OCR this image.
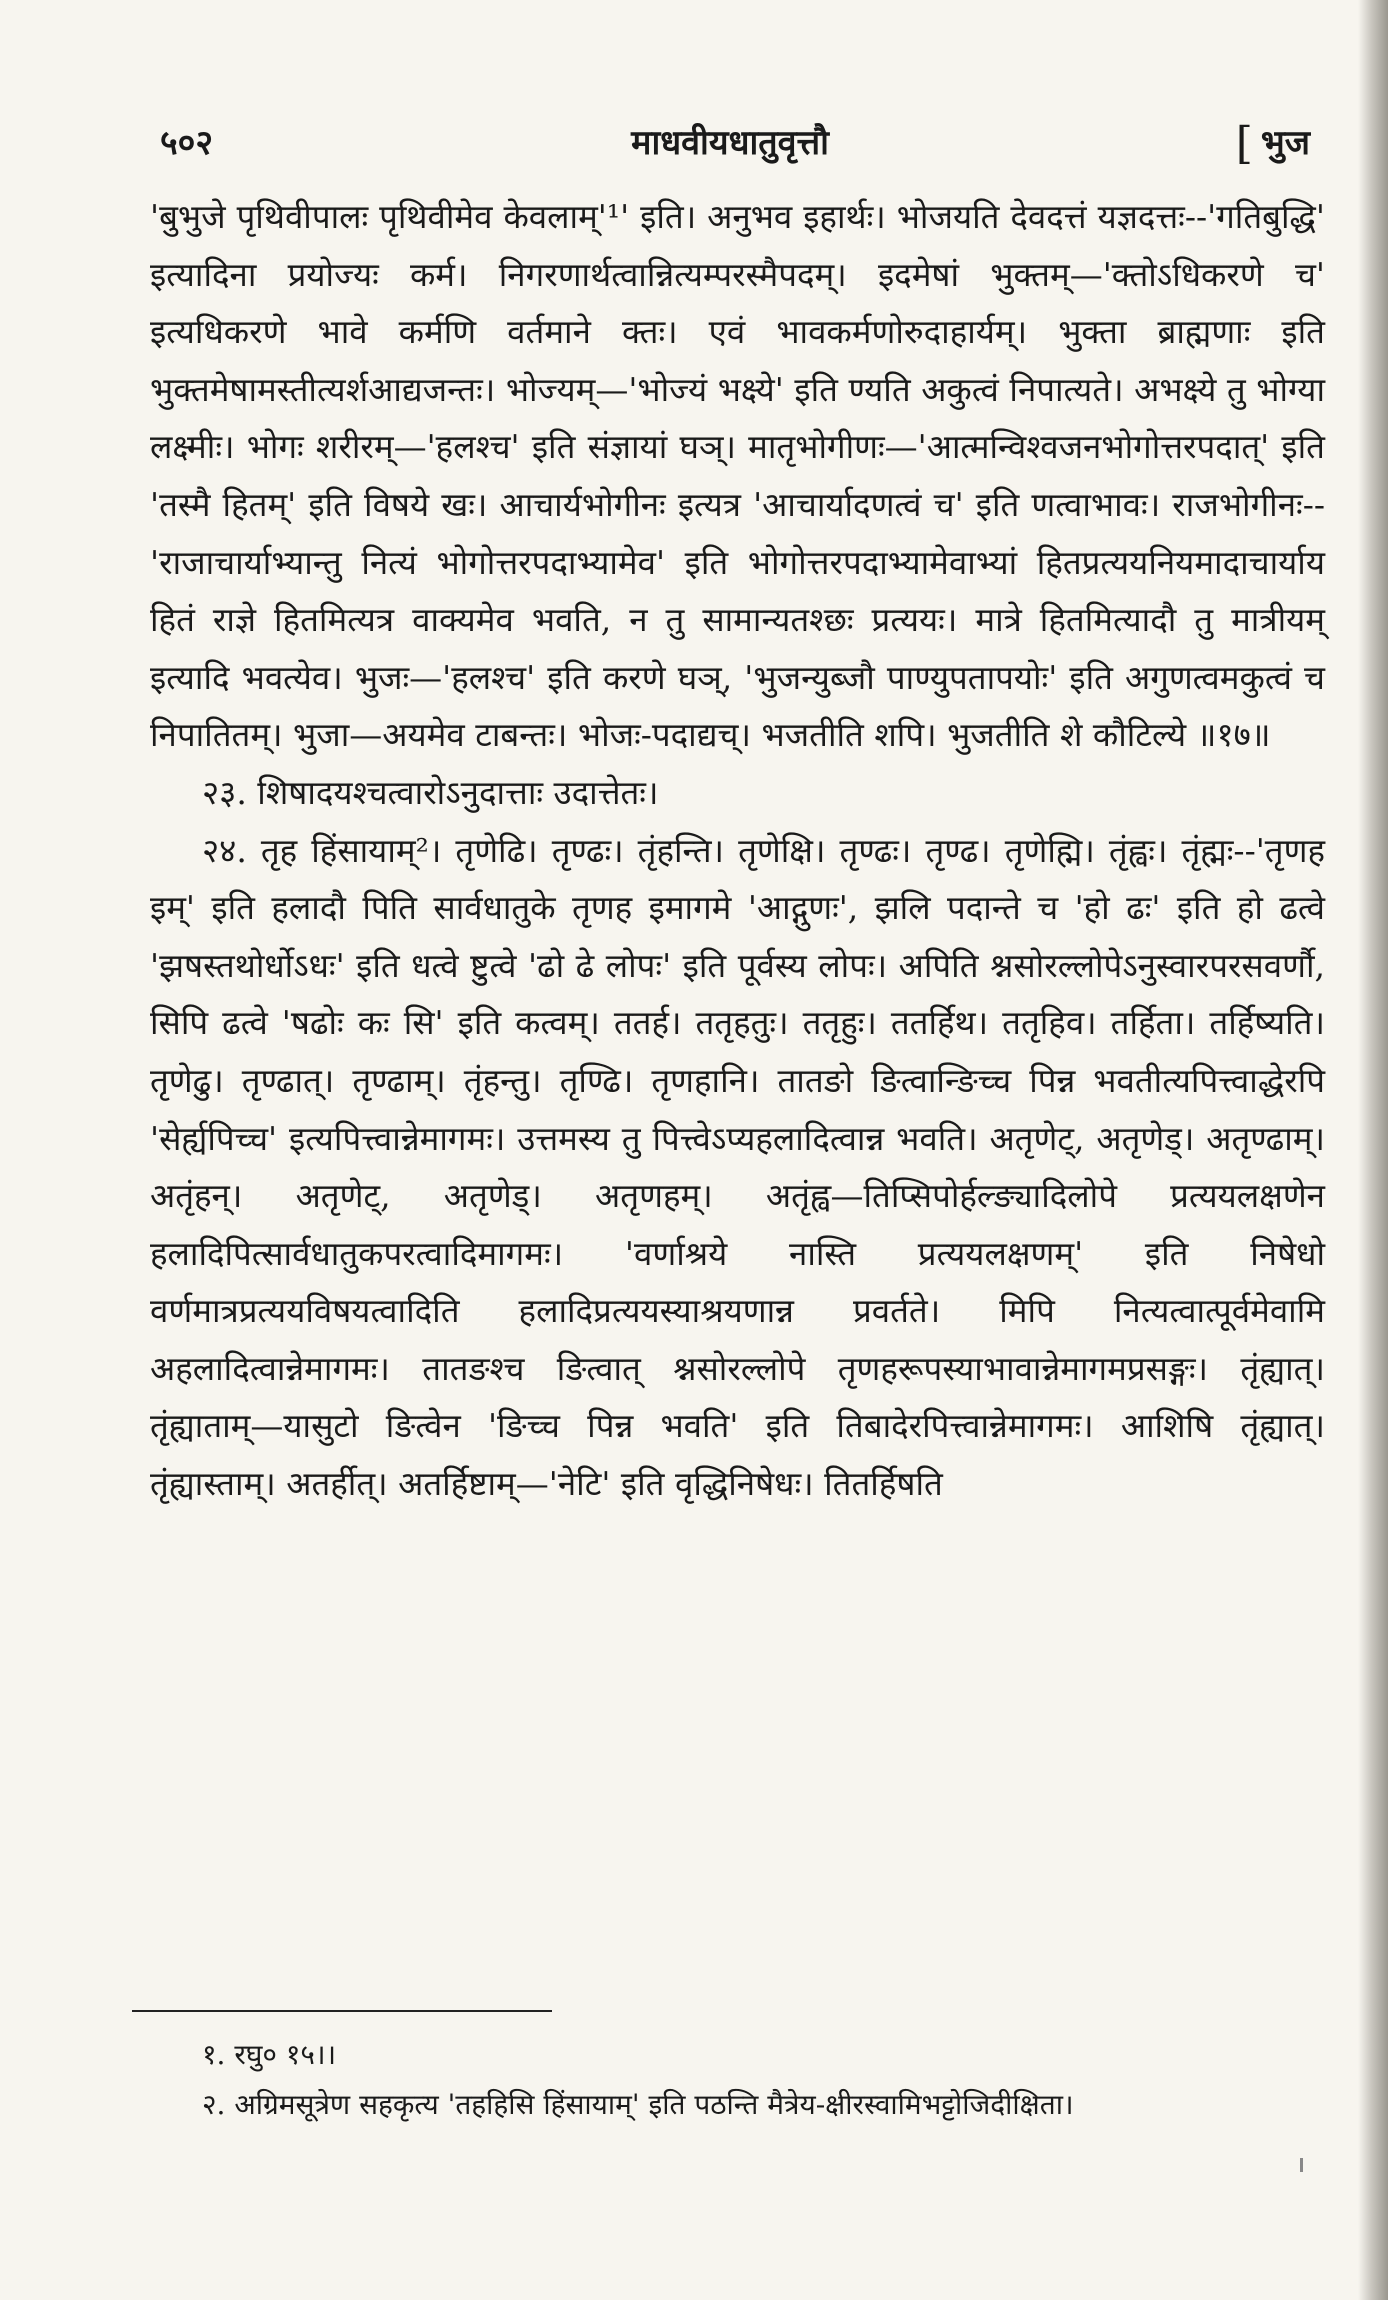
५०२	माधवीयधातुवृत्तौ	[ भुज

'बुभुजे पृथिवीपालः पृथिवीमेव केवलाम्'¹' इति। अनुभव इहार्थः। भोजयति देवदत्तं यज्ञदत्तः--'गतिबुद्धि' इत्यादिना प्रयोज्यः कर्म। निगरणार्थत्वान्नित्यम्परस्मैपदम्। इदमेषां भुक्तम्—'क्तोऽधिकरणे च' इत्यधिकरणे भावे कर्मणि वर्तमाने क्तः। एवं भावकर्मणोरुदाहार्यम्। भुक्ता ब्राह्मणाः इति भुक्तमेषामस्तीत्यर्शआद्यजन्तः। भोज्यम्—'भोज्यं भक्ष्ये' इति ण्यति अकुत्वं निपात्यते। अभक्ष्ये तु भोग्या लक्ष्मीः। भोगः शरीरम्—'हलश्च' इति संज्ञायां घञ्। मातृभोगीणः—'आत्मन्विश्वजनभोगोत्तरपदात्' इति 'तस्मै हितम्' इति विषये खः। आचार्यभोगीनः इत्यत्र 'आचार्यादणत्वं च' इति णत्वाभावः। राजभोगीनः--'राजाचार्याभ्यान्तु नित्यं भोगोत्तरपदाभ्यामेव' इति भोगोत्तरपदाभ्यामेवाभ्यां हितप्रत्ययनियमादाचार्याय हितं राज्ञे हितमित्यत्र वाक्यमेव भवति, न तु सामान्यतश्छः प्रत्ययः। मात्रे हितमित्यादौ तु मात्रीयम् इत्यादि भवत्येव। भुजः—'हलश्च' इति करणे घञ्, 'भुजन्युब्जौ पाण्युपतापयोः' इति अगुणत्वमकुत्वं च निपातितम्। भुजा—अयमेव टाबन्तः। भोजः-पदाद्यच्। भजतीति शपि। भुजतीति शे कौटिल्ये ॥१७॥

२३. शिषादयश्चत्वारोऽनुदात्ताः उदात्तेतः।

२४. तृह हिंसायाम्²। तृणेढि। तृण्ढः। तृंहन्ति। तृणेक्षि। तृण्ढः। तृण्ढ। तृणेह्मि। तृंह्वः। तृंह्मः--'तृणह इम्' इति हलादौ पिति सार्वधातुके तृणह इमागमे 'आद्गुणः', झलि पदान्ते च 'हो ढः' इति हो ढत्वे 'झषस्तथोर्धोऽधः' इति धत्वे ष्टुत्वे 'ढो ढे लोपः' इति पूर्वस्य लोपः। अपिति श्नसोरल्लोपेऽनुस्वारपरसवर्णौ, सिपि ढत्वे 'षढोः कः सि' इति कत्वम्। ततर्ह। ततृहतुः। ततृहुः। ततर्हिथ। ततृहिव। तर्हिता। तर्हिष्यति। तृणेढु। तृण्ढात्। तृण्ढाम्। तृंहन्तु। तृण्ढि। तृणहानि। तातङो ङित्वान्ङिच्च पिन्न भवतीत्यपित्त्वाद्धेरपि 'सेर्ह्यपिच्च' इत्यपित्त्वान्नेमागमः। उत्तमस्य तु पित्त्वेऽप्यहलादित्वान्न भवति। अतृणेट्, अतृणेड्। अतृण्ढाम्। अतृंहन्। अतृणेट्, अतृणेड्। अतृणहम्। अतृंह्व—तिप्सिपोर्हल्ङ्यादिलोपे प्रत्ययलक्षणेन हलादिपित्सार्वधातुकपरत्वादिमागमः। 'वर्णाश्रये नास्ति प्रत्ययलक्षणम्' इति निषेधो वर्णमात्रप्रत्ययविषयत्वादिति हलादिप्रत्ययस्याश्रयणान्न प्रवर्तते। मिपि नित्यत्वात्पूर्वमेवामि अहलादित्वान्नेमागमः। तातङश्च ङित्वात् श्नसोरल्लोपे तृणहरूपस्याभावान्नेमागमप्रसङ्गः। तृंह्यात्। तृंह्याताम्—यासुटो ङित्वेन 'ङिच्च पिन्न भवति' इति तिबादेरपित्त्वान्नेमागमः। आशिषि तृंह्यात्। तृंह्यास्ताम्। अतर्हीत्। अतर्हिष्टाम्—'नेटि' इति वृद्धिनिषेधः। तितर्हिषति

१. रघु० १५।।

२. अग्रिमसूत्रेण सहकृत्य 'तहहिसि हिंसायाम्' इति पठन्ति मैत्रेय-क्षीरस्वामिभट्टोजिदीक्षिता।
